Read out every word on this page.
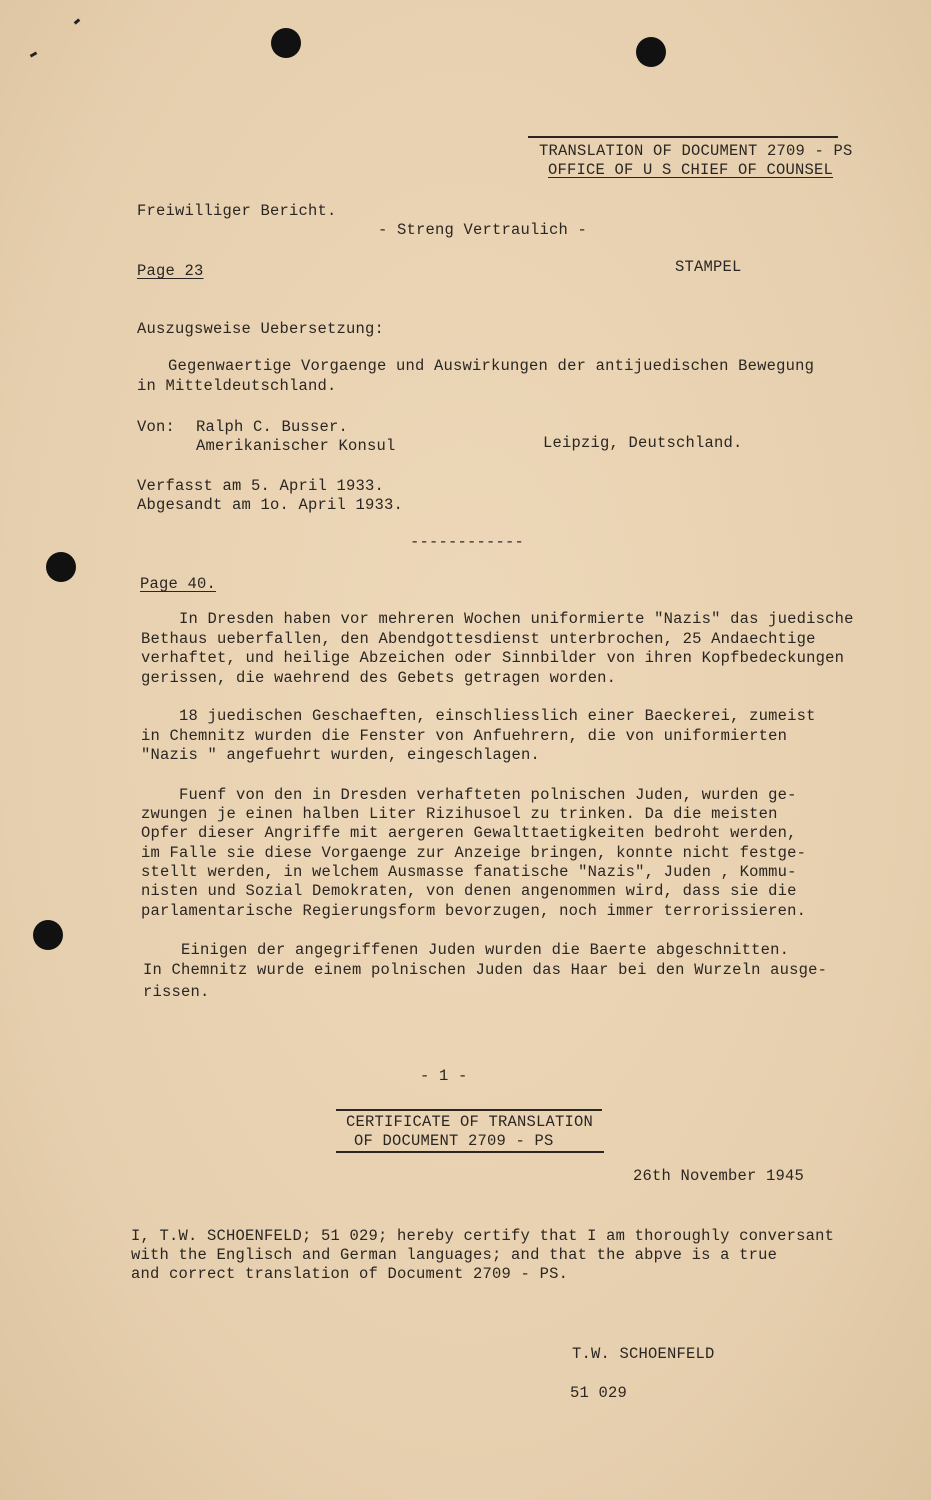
TRANSLATION OF DOCUMENT 2709 - PS
OFFICE OF U S CHIEF OF COUNSEL
Freiwilliger Bericht.
- Streng Vertraulich -
Page 23	STAMPEL
Auszugsweise Uebersetzung:
Gegenwaertige Vorgaenge und Auswirkungen der antijuedischen Bewegung
in Mitteldeutschland.
Von: Ralph C. Busser.
Amerikanischer Konsul	Leipzig, Deutschland.
Verfasst am 5. April 1933.
Abgesandt am 1o. April 1933.
------------
Page 40.
In Dresden haben vor mehreren Wochen uniformierte "Nazis" das juedische
Bethaus ueberfallen, den Abendgottesdienst unterbrochen, 25 Andaechtige
verhaftet, und heilige Abzeichen oder Sinnbilder von ihren Kopfbedeckungen
gerissen, die waehrend des Gebets getragen worden.
18 juedischen Geschaeften, einschliesslich einer Baeckerei, zumeist
in Chemnitz wurden die Fenster von Anfuehrern, die von uniformierten
"Nazis " angefuehrt wurden, eingeschlagen.
Fuenf von den in Dresden verhafteten polnischen Juden, wurden ge-
zwungen je einen halben Liter Rizihusoel zu trinken. Da die meisten
Opfer dieser Angriffe mit aergeren Gewalttaetigkeiten bedroht werden,
im Falle sie diese Vorgaenge zur Anzeige bringen, konnte nicht festge-
stellt werden, in welchem Ausmasse fanatische "Nazis", Juden , Kommu-
nisten und Sozial Demokraten, von denen angenommen wird, dass sie die
parlamentarische Regierungsform bevorzugen, noch immer terrorissieren.
Einigen der angegriffenen Juden wurden die Baerte abgeschnitten.
In Chemnitz wurde einem polnischen Juden das Haar bei den Wurzeln ausge-
rissen.
- 1 -
CERTIFICATE OF TRANSLATION
OF DOCUMENT 2709 - PS
26th November 1945
I, T.W. SCHOENFELD; 51 029; hereby certify that I am thoroughly conversant
with the Englisch and German languages; and that the abpve is a true
and correct translation of Document 2709 - PS.
T.W. SCHOENFELD
51 029
